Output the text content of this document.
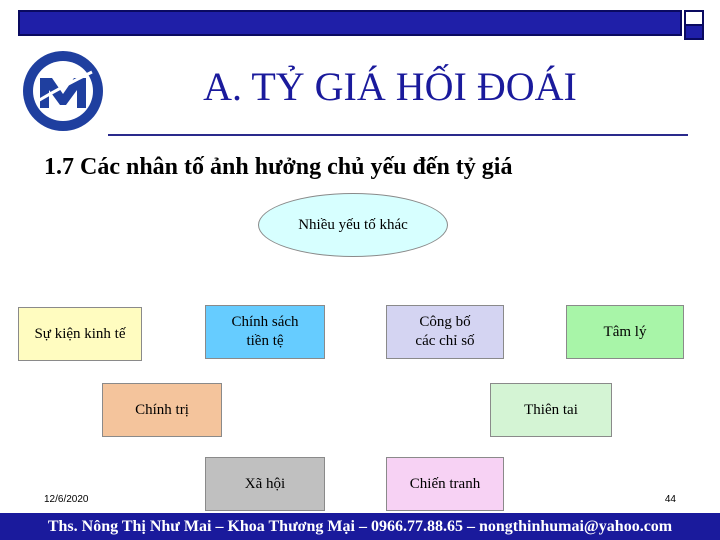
A. TỶ GIÁ HỐI ĐOÁI
1.7 Các nhân tố ảnh hưởng chủ yếu đến tỷ giá
Nhiều yếu tố khác
Sự kiện kinh tế
Chính sách
tiền tệ
Công bố
các chỉ số
Tâm lý
Chính trị	Thiên tai
Xã hội	Chiến tranh
12/6/2020	44
Ths. Nông Thị Như Mai – Khoa Thương Mại – 0966.77.88.65 – nongthinhumai@yahoo.com
